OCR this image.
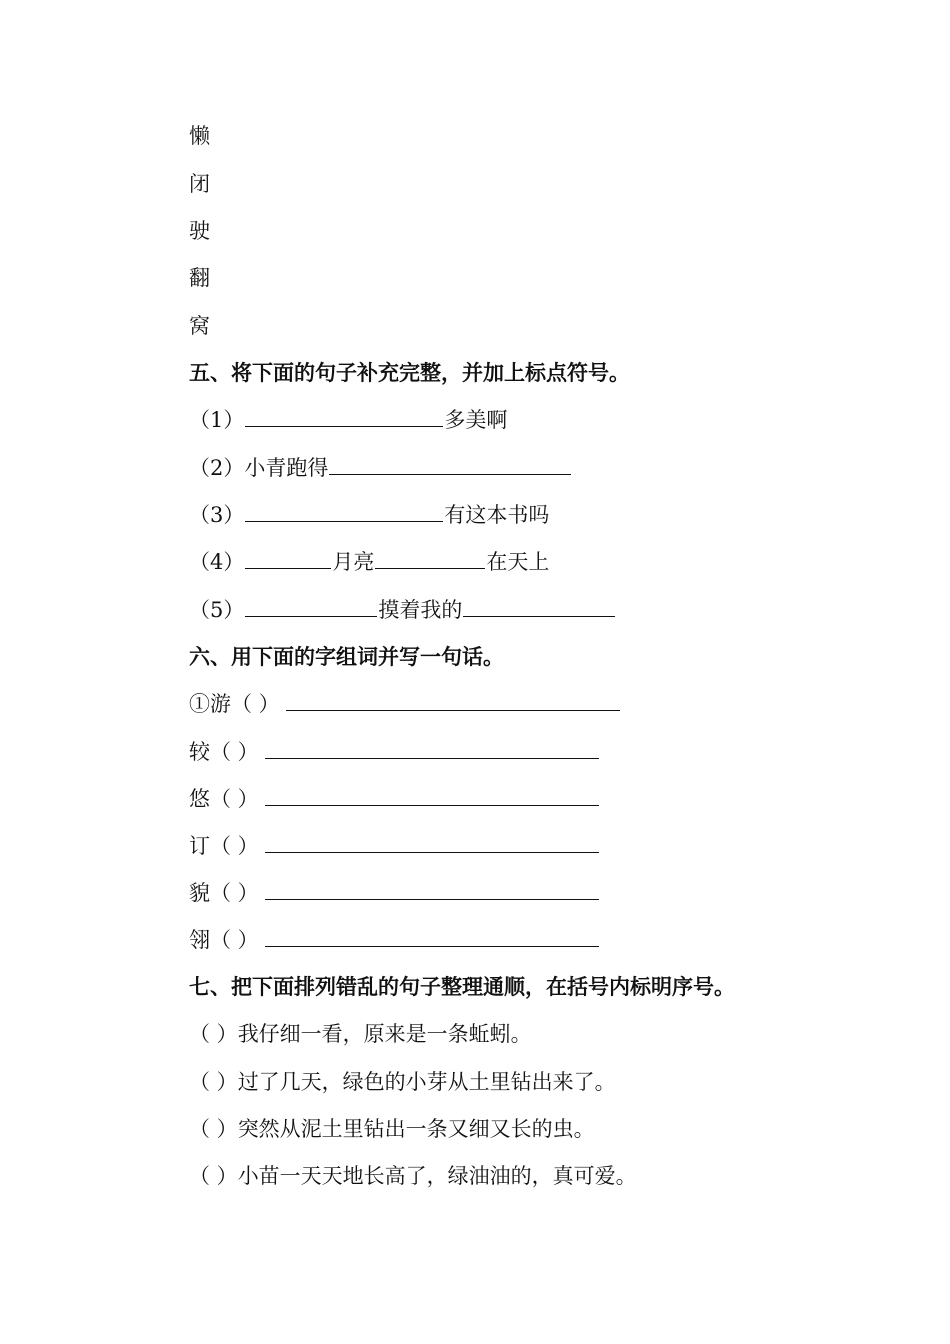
懒
闭
驶
翻
窝
五、将下面的句子补充完整，并加上标点符号。
（1）	多美啊
（2）小青跑得
（3）	有这本书吗
（4）	月亮	在天上
（5）	摸着我的
六、用下面的字组词并写一句话。
①游（ ）
较（ ）
悠（ ）
订（ ）
貌（ ）
翎（ ）
七、把下面排列错乱的句子整理通顺，在括号内标明序号。
（ ）我仔细一看，原来是一条蚯蚓。
（ ）过了几天，绿色的小芽从土里钻出来了。
（ ）突然从泥土里钻出一条又细又长的虫。
（ ）小苗一天天地长高了，绿油油的，真可爱。
